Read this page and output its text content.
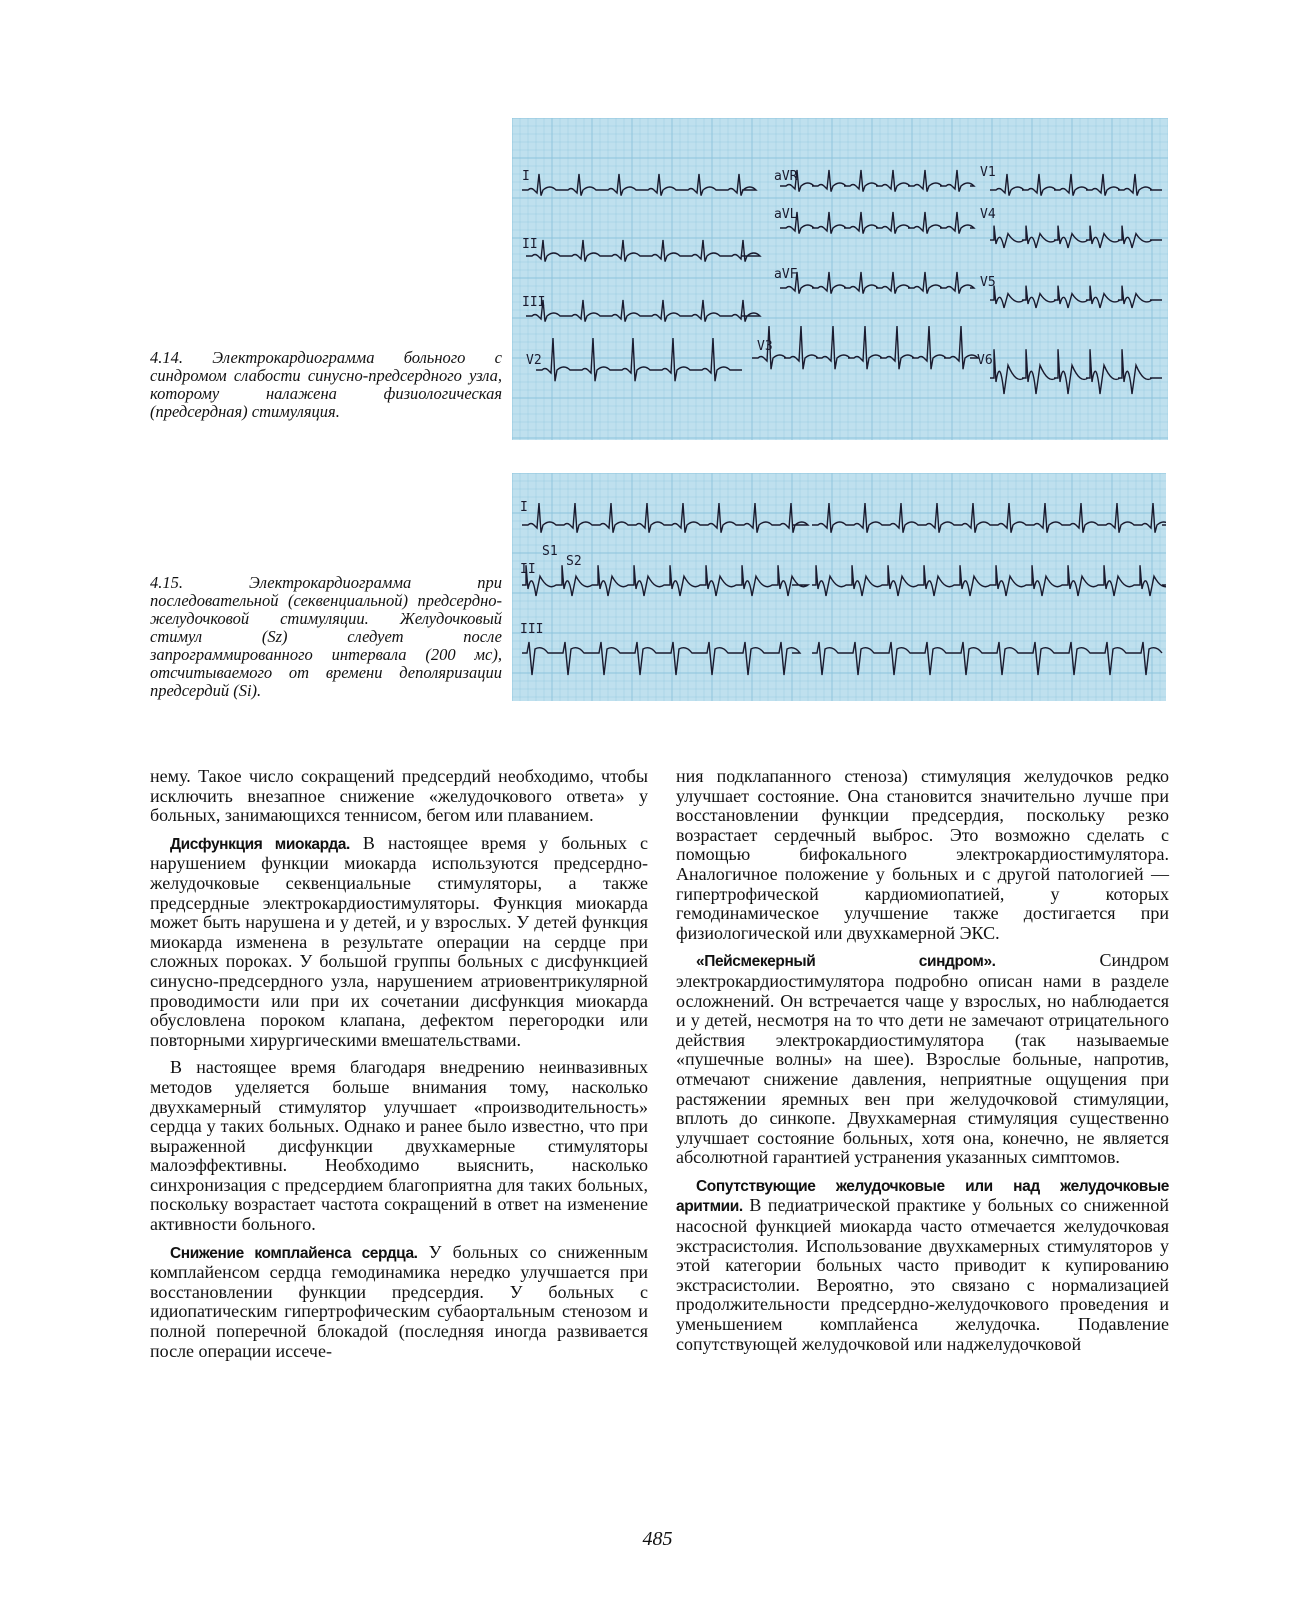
I	aVR	V1
II
aVL	V4
III
aVF
V5
V2
V3
V6

4.14. Электрокардиограмма больного с синдромом слабости синусно-предсердного узла, которому налажена физиологическая (предсердная) стимуляция.

I
II
III
S1
S2

4.15. Электрокардиограмма при последовательной (секвенциальной) предсердно-желудочковой стимуляции. Желудочковый стимул (Sz) следует после запрограммированного интервала (200 мс), отсчитываемого от времени деполяризации предсердий (Si).

нему. Такое число сокращений предсердий необходимо, чтобы исключить внезапное снижение «желудочкового ответа» у больных, занимающихся теннисом, бегом или плаванием.

Дисфункция миокарда. В настоящее время у больных с нарушением функции миокарда используются предсердно-желудочковые секвенциальные стимуляторы, а также предсердные электрокардиостимуляторы. Функция миокарда может быть нарушена и у детей, и у взрослых. У детей функция миокарда изменена в результате операции на сердце при сложных пороках. У большой группы больных с дисфункцией синусно-предсердного узла, нарушением атриовентрикулярной проводимости или при их сочетании дисфункция миокарда обусловлена пороком клапана, дефектом перегородки или повторными хирургическими вмешательствами.

В настоящее время благодаря внедрению неинвазивных методов уделяется больше внимания тому, насколько двухкамерный стимулятор улучшает «производительность» сердца у таких больных. Однако и ранее было известно, что при выраженной дисфункции двухкамерные стимуляторы малоэффективны. Необходимо выяснить, насколько синхронизация с предсердием благоприятна для таких больных, поскольку возрастает частота сокращений в ответ на изменение активности больного.

Снижение комплайенса сердца. У больных со сниженным комплайенсом сердца гемодинамика нередко улучшается при восстановлении функции предсердия. У больных с идиопатическим гипертрофическим субаортальным стенозом и полной поперечной блокадой (последняя иногда развивается после операции иссече-

ния подклапанного стеноза) стимуляция желудочков редко улучшает состояние. Она становится значительно лучше при восстановлении функции предсердия, поскольку резко возрастает сердечный выброс. Это возможно сделать с помощью бифокального электрокардиостимулятора. Аналогичное положение у больных и с другой патологией — гипертрофической кардиомиопатией, у которых гемодинамическое улучшение также достигается при физиологической или двухкамерной ЭКС.

«Пейсмекерный синдром». Синдром электрокардиостимулятора подробно описан нами в разделе осложнений. Он встречается чаще у взрослых, но наблюдается и у детей, несмотря на то что дети не замечают отрицательного действия электрокардиостимулятора (так называемые «пушечные волны» на шее). Взрослые больные, напротив, отмечают снижение давления, неприятные ощущения при растяжении яремных вен при желудочковой стимуляции, вплоть до синкопе. Двухкамерная стимуляция существенно улучшает состояние больных, хотя она, конечно, не является абсолютной гарантией устранения указанных симптомов.

Сопутствующие желудочковые или над желудочковые аритмии. В педиатрической практике у больных со сниженной насосной функцией миокарда часто отмечается желудочковая экстрасистолия. Использование двухкамерных стимуляторов у этой категории больных часто приводит к купированию экстрасистолии. Вероятно, это связано с нормализацией продолжительности предсердно-желудочкового проведения и уменьшением комплайенса желудочка. Подавление сопутствующей желудочковой или наджелудочковой

485
